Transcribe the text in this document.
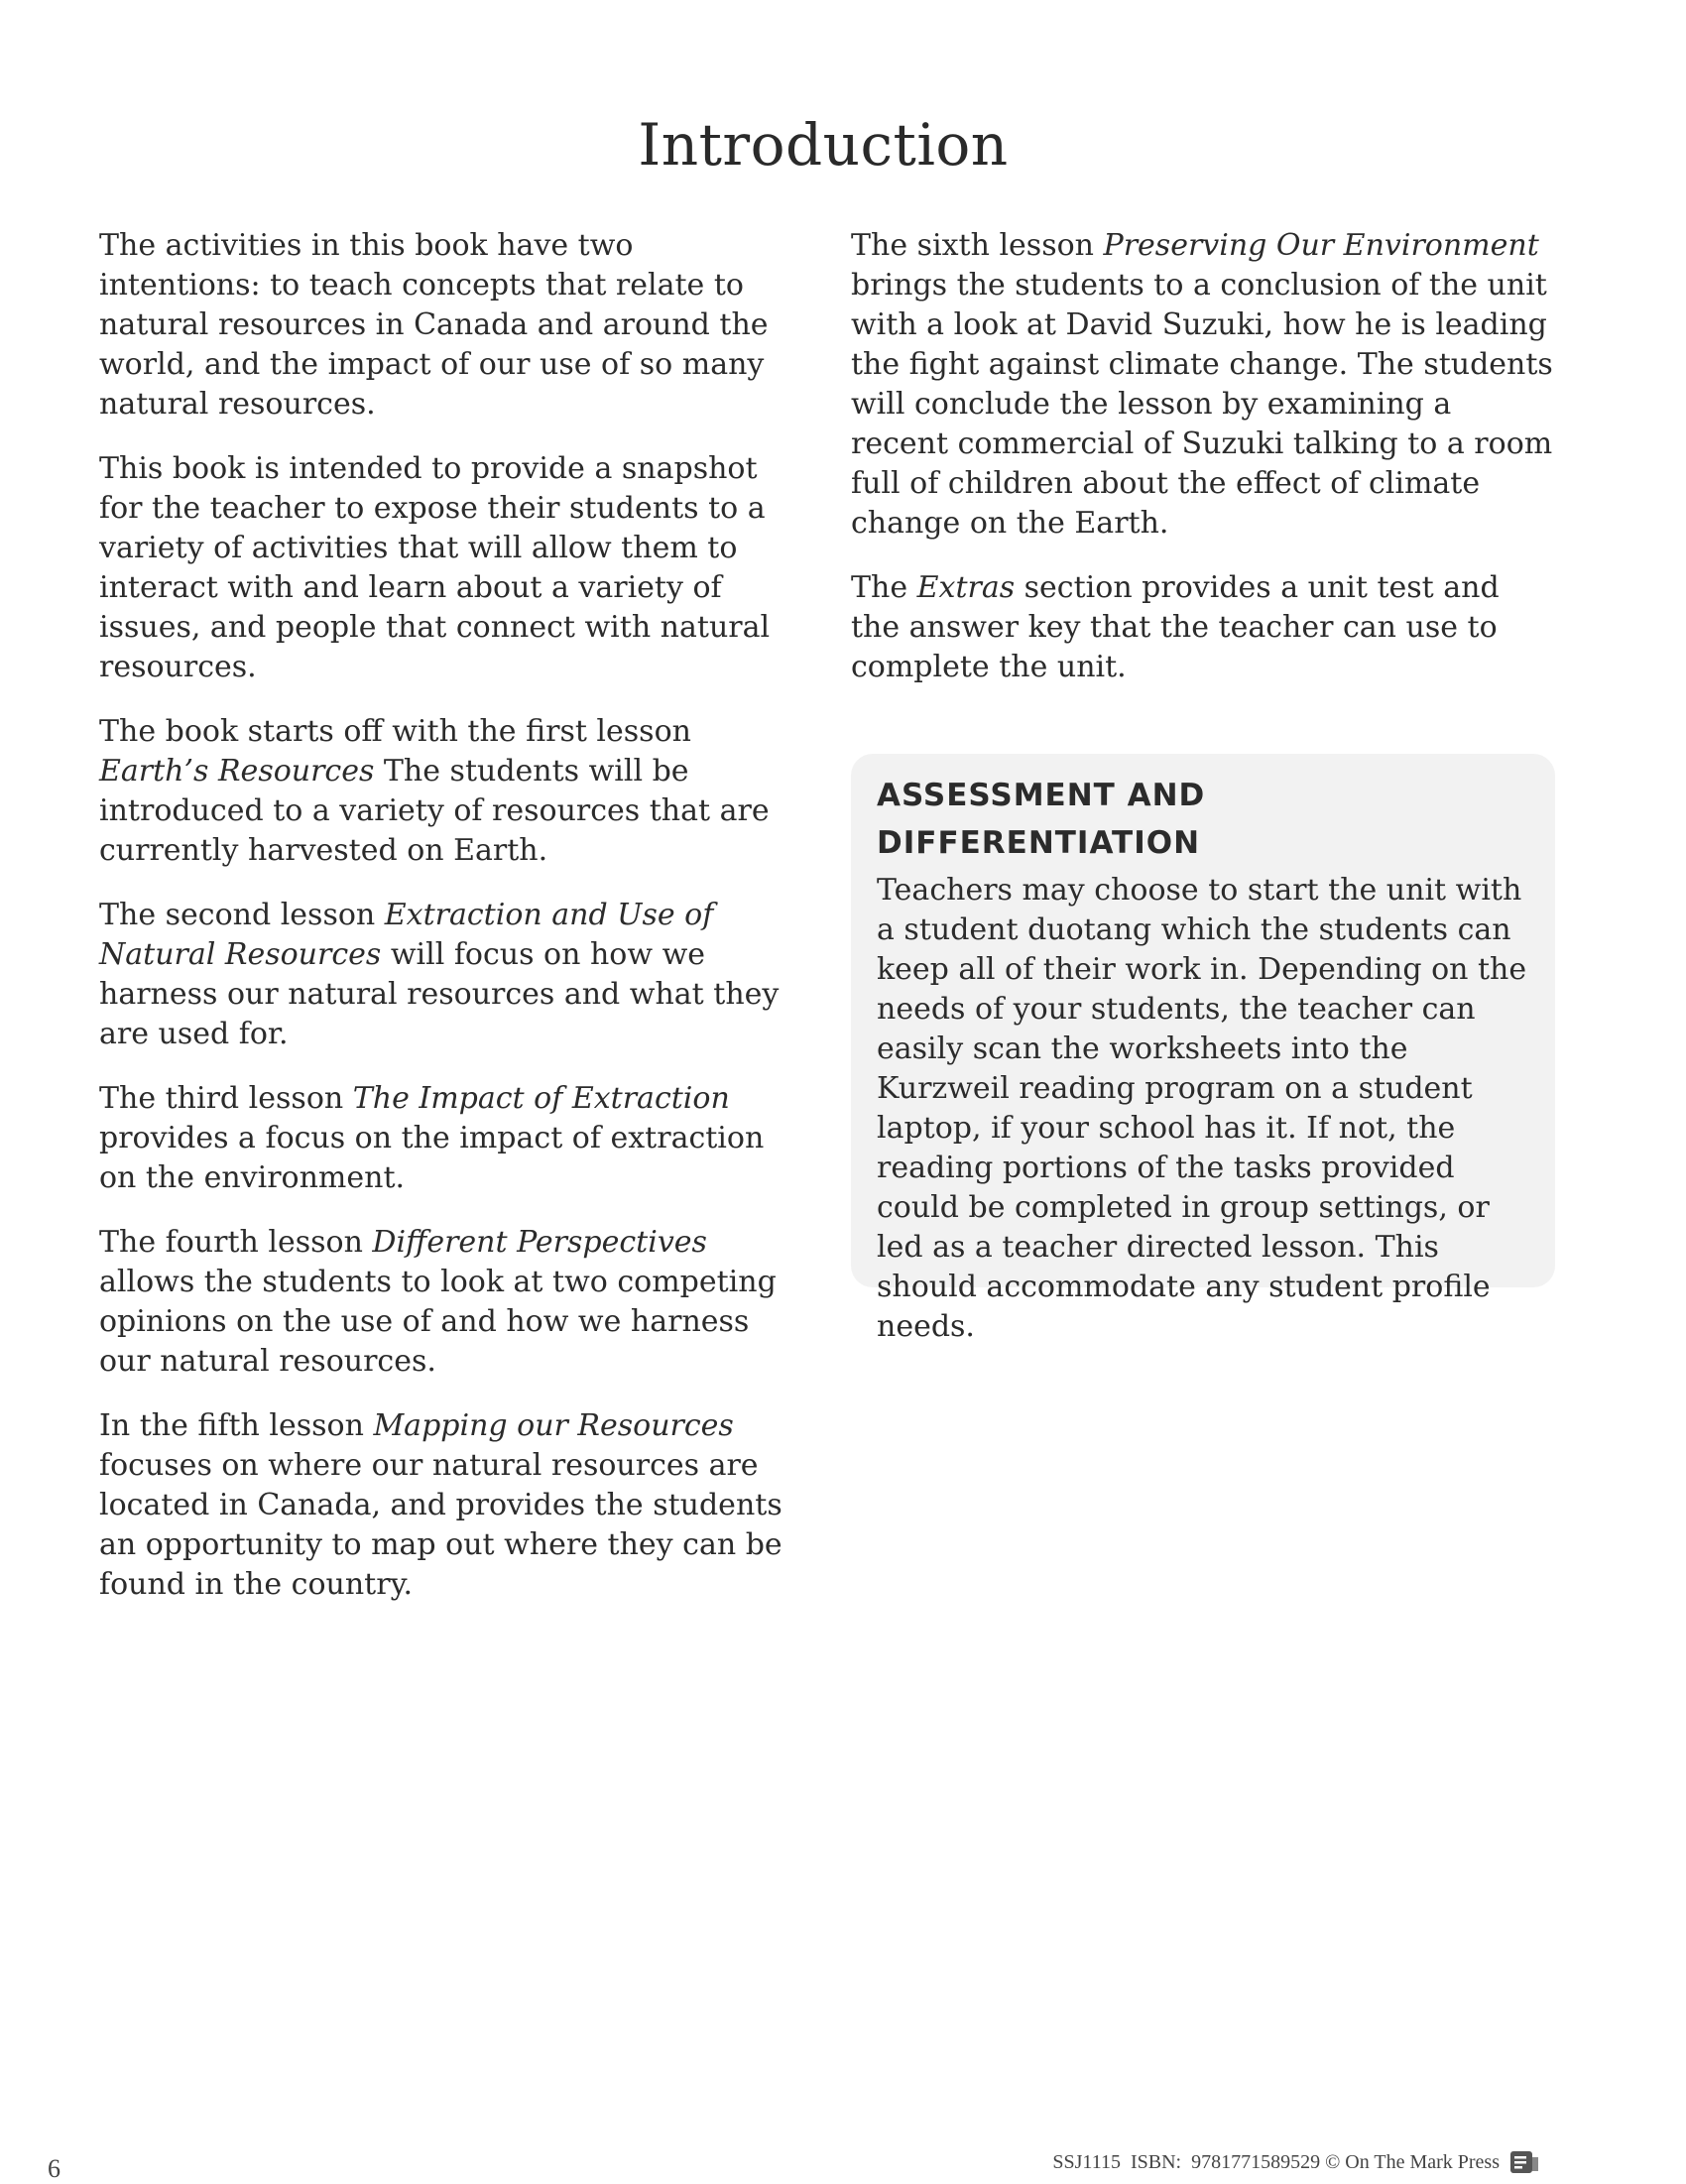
Introduction

The activities in this book have two intentions: to teach concepts that relate to natural resources in Canada and around the world, and the impact of our use of so many natural resources.

This book is intended to provide a snapshot for the teacher to expose their students to a variety of activities that will allow them to interact with and learn about a variety of issues, and people that connect with natural resources.

The book starts off with the first lesson Earth’s Resources The students will be introduced to a variety of resources that are currently harvested on Earth.

The second lesson Extraction and Use of Natural Resources will focus on how we harness our natural resources and what they are used for.

The third lesson The Impact of Extraction provides a focus on the impact of extraction on the environment.

The fourth lesson Different Perspectives allows the students to look at two competing opinions on the use of and how we harness our natural resources.

In the fifth lesson Mapping our Resources focuses on where our natural resources are located in Canada, and provides the students an opportunity to map out where they can be found in the country.

The sixth lesson Preserving Our Environment brings the students to a conclusion of the unit with a look at David Suzuki, how he is leading the fight against climate change. The students will conclude the lesson by examining a recent commercial of Suzuki talking to a room full of children about the effect of climate change on the Earth.

The Extras section provides a unit test and the answer key that the teacher can use to complete the unit.

ASSESSMENT AND DIFFERENTIATION

Teachers may choose to start the unit with a student duotang which the students can keep all of their work in. Depending on the needs of your students, the teacher can easily scan the worksheets into the Kurzweil reading program on a student laptop, if your school has it. If not, the reading portions of the tasks provided could be completed in group settings, or led as a teacher directed lesson. This should accommodate any student profile needs.

6	SSJ1115 ISBN: 9781771589529 © On The Mark Press
